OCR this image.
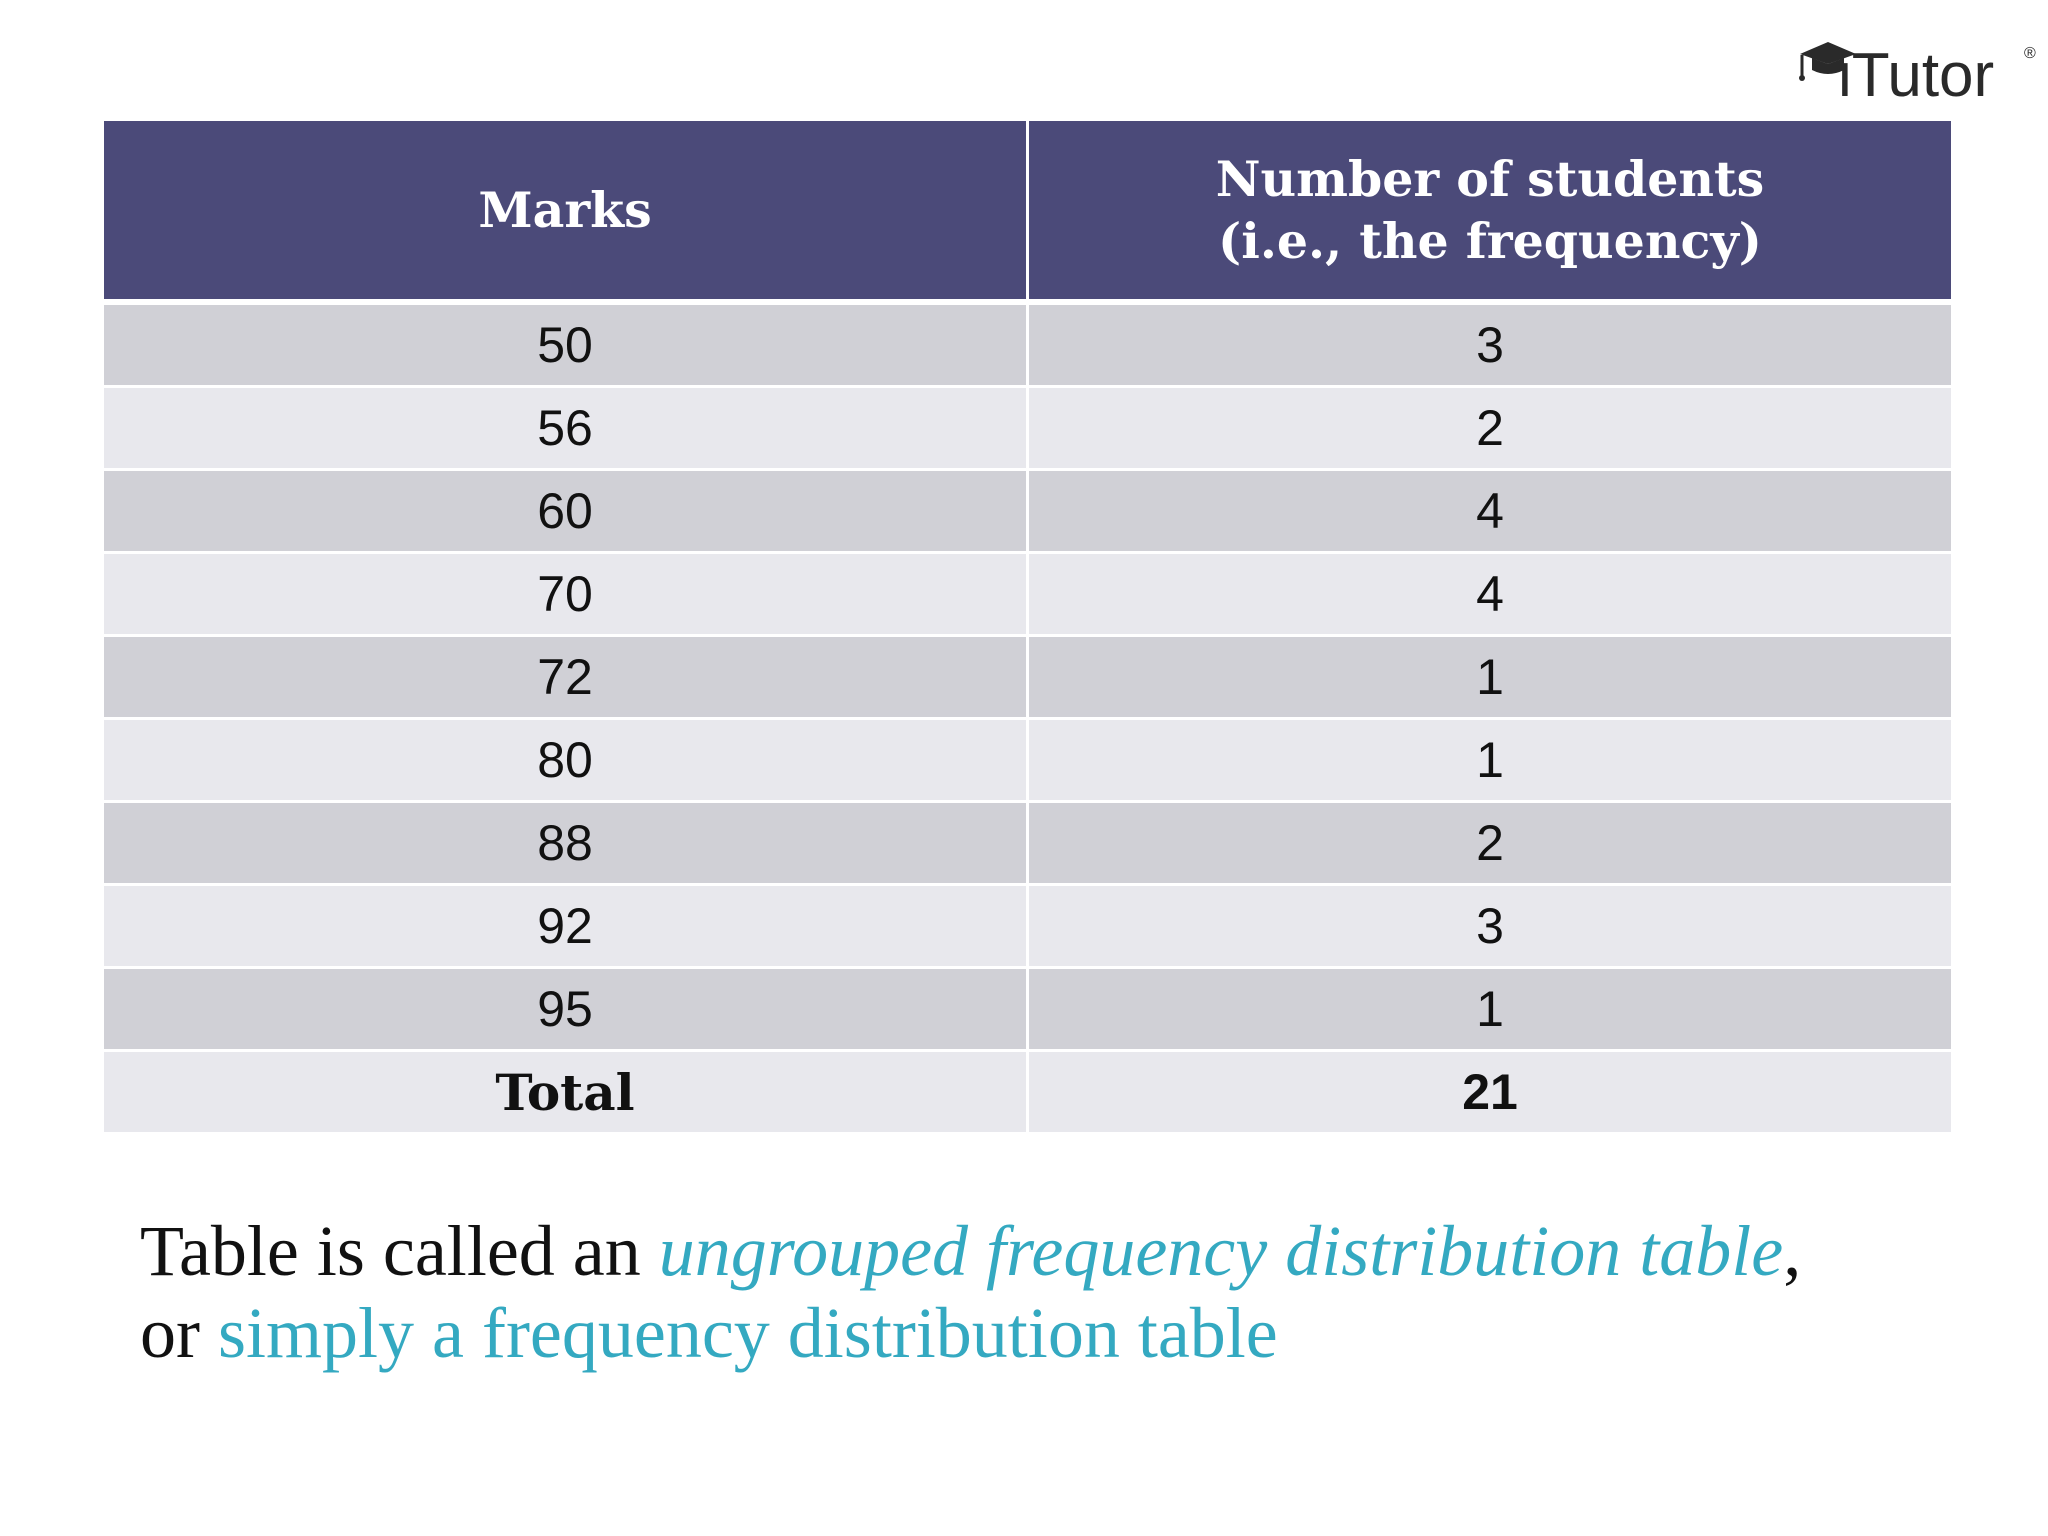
iTutor ®
Marks	Number of students
(i.e., the frequency)

50	3
56	2
60	4
70	4
72	1
80	1
88	2
92	3
95	1
Total	21
Table is called an ungrouped frequency distribution table,
or simply a frequency distribution table
